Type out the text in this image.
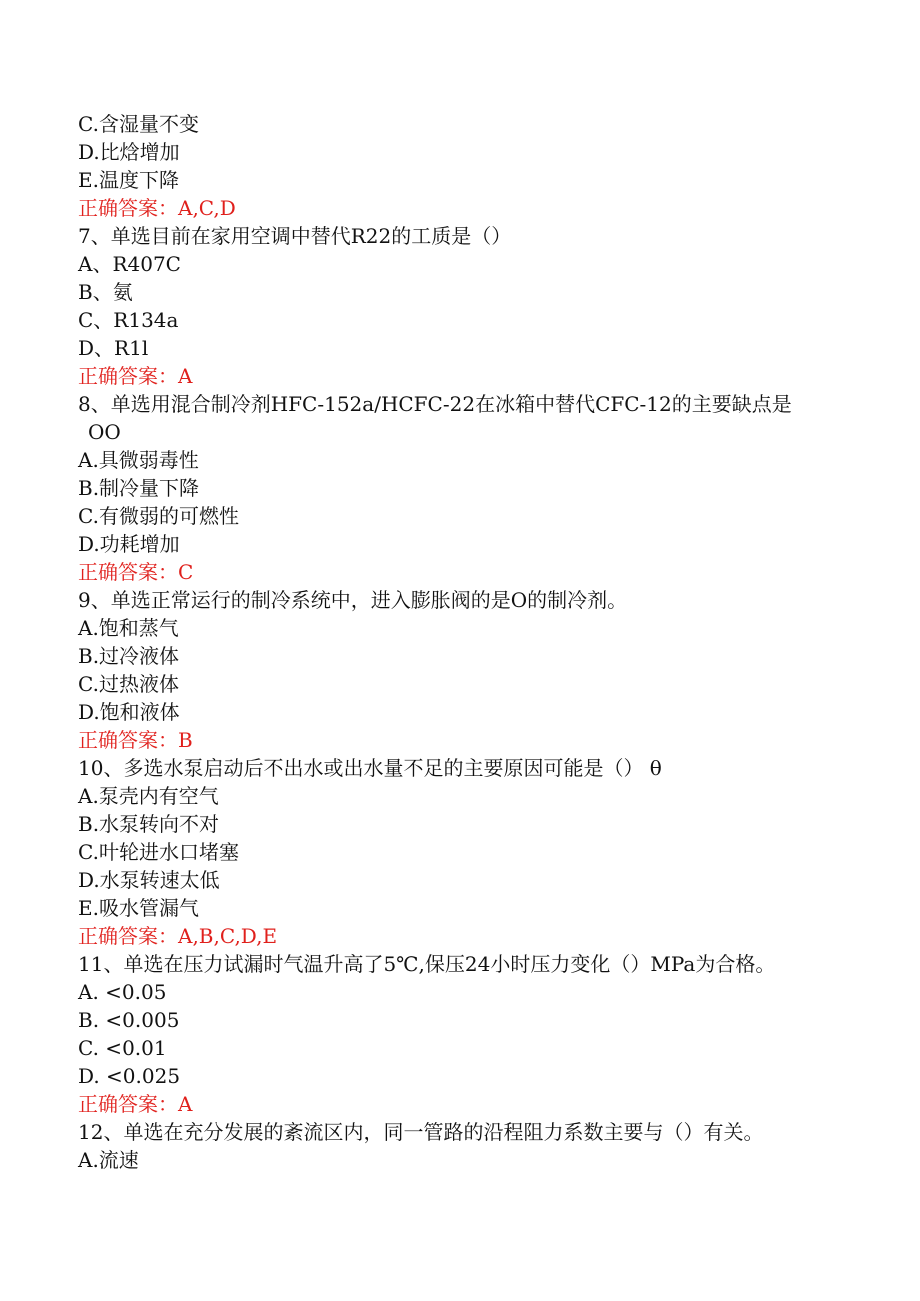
C.含湿量不变
D.比焓增加
E.温度下降
正确答案：A,C,D
7、单选目前在家用空调中替代R22的工质是（）
A、R407C
B、氨
C、R134a
D、R1l
正确答案：A
8、单选用混合制冷剂HFC-152a/HCFC-22在冰箱中替代CFC-12的主要缺点是
OO
A.具微弱毒性
B.制冷量下降
C.有微弱的可燃性
D.功耗增加
正确答案：C
9、单选正常运行的制冷系统中，进入膨胀阀的是O的制冷剂。
A.饱和蒸气
B.过冷液体
C.过热液体
D.饱和液体
正确答案：B
10、多选水泵启动后不出水或出水量不足的主要原因可能是（） θ
A.泵壳内有空气
B.水泵转向不对
C.叶轮进水口堵塞
D.水泵转速太低
E.吸水管漏气
正确答案：A,B,C,D,E
11、单选在压力试漏时气温升高了5℃,保压24小时压力变化（）MPa为合格。
A. <0.05
B. <0.005
C. <0.01
D. <0.025
正确答案：A
12、单选在充分发展的紊流区内，同一管路的沿程阻力系数主要与（）有关。
A.流速
